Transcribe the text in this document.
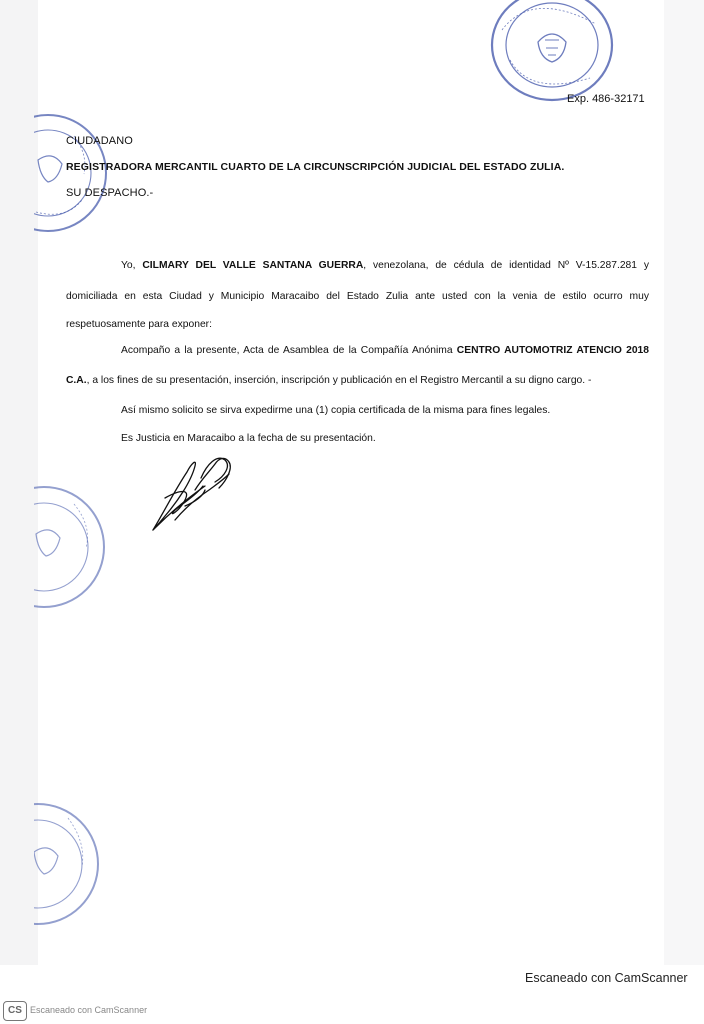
Exp. 486-32171
CIUDADANO
REGISTRADORA MERCANTIL CUARTO DE LA CIRCUNSCRIPCIÓN JUDICIAL DEL ESTADO ZULIA.
SU DESPACHO.-
Yo, CILMARY DEL VALLE SANTANA GUERRA, venezolana, de cédula de identidad Nº V-15.287.281 y
domiciliada en esta Ciudad y Municipio Maracaibo del Estado Zulia ante usted con la venia de estilo ocurro muy
respetuosamente para exponer:
Acompaño a la presente, Acta de Asamblea de la Compañía Anónima CENTRO AUTOMOTRIZ ATENCIO 2018
C.A., a los fines de su presentación, inserción, inscripción y publicación en el Registro Mercantil a su digno cargo. -
Así mismo solicito se sirva expedirme una (1) copia certificada de la misma para fines legales.
Es Justicia en Maracaibo a la fecha de su presentación.
Escaneado con CamScanner
CS Escaneado con CamScanner
